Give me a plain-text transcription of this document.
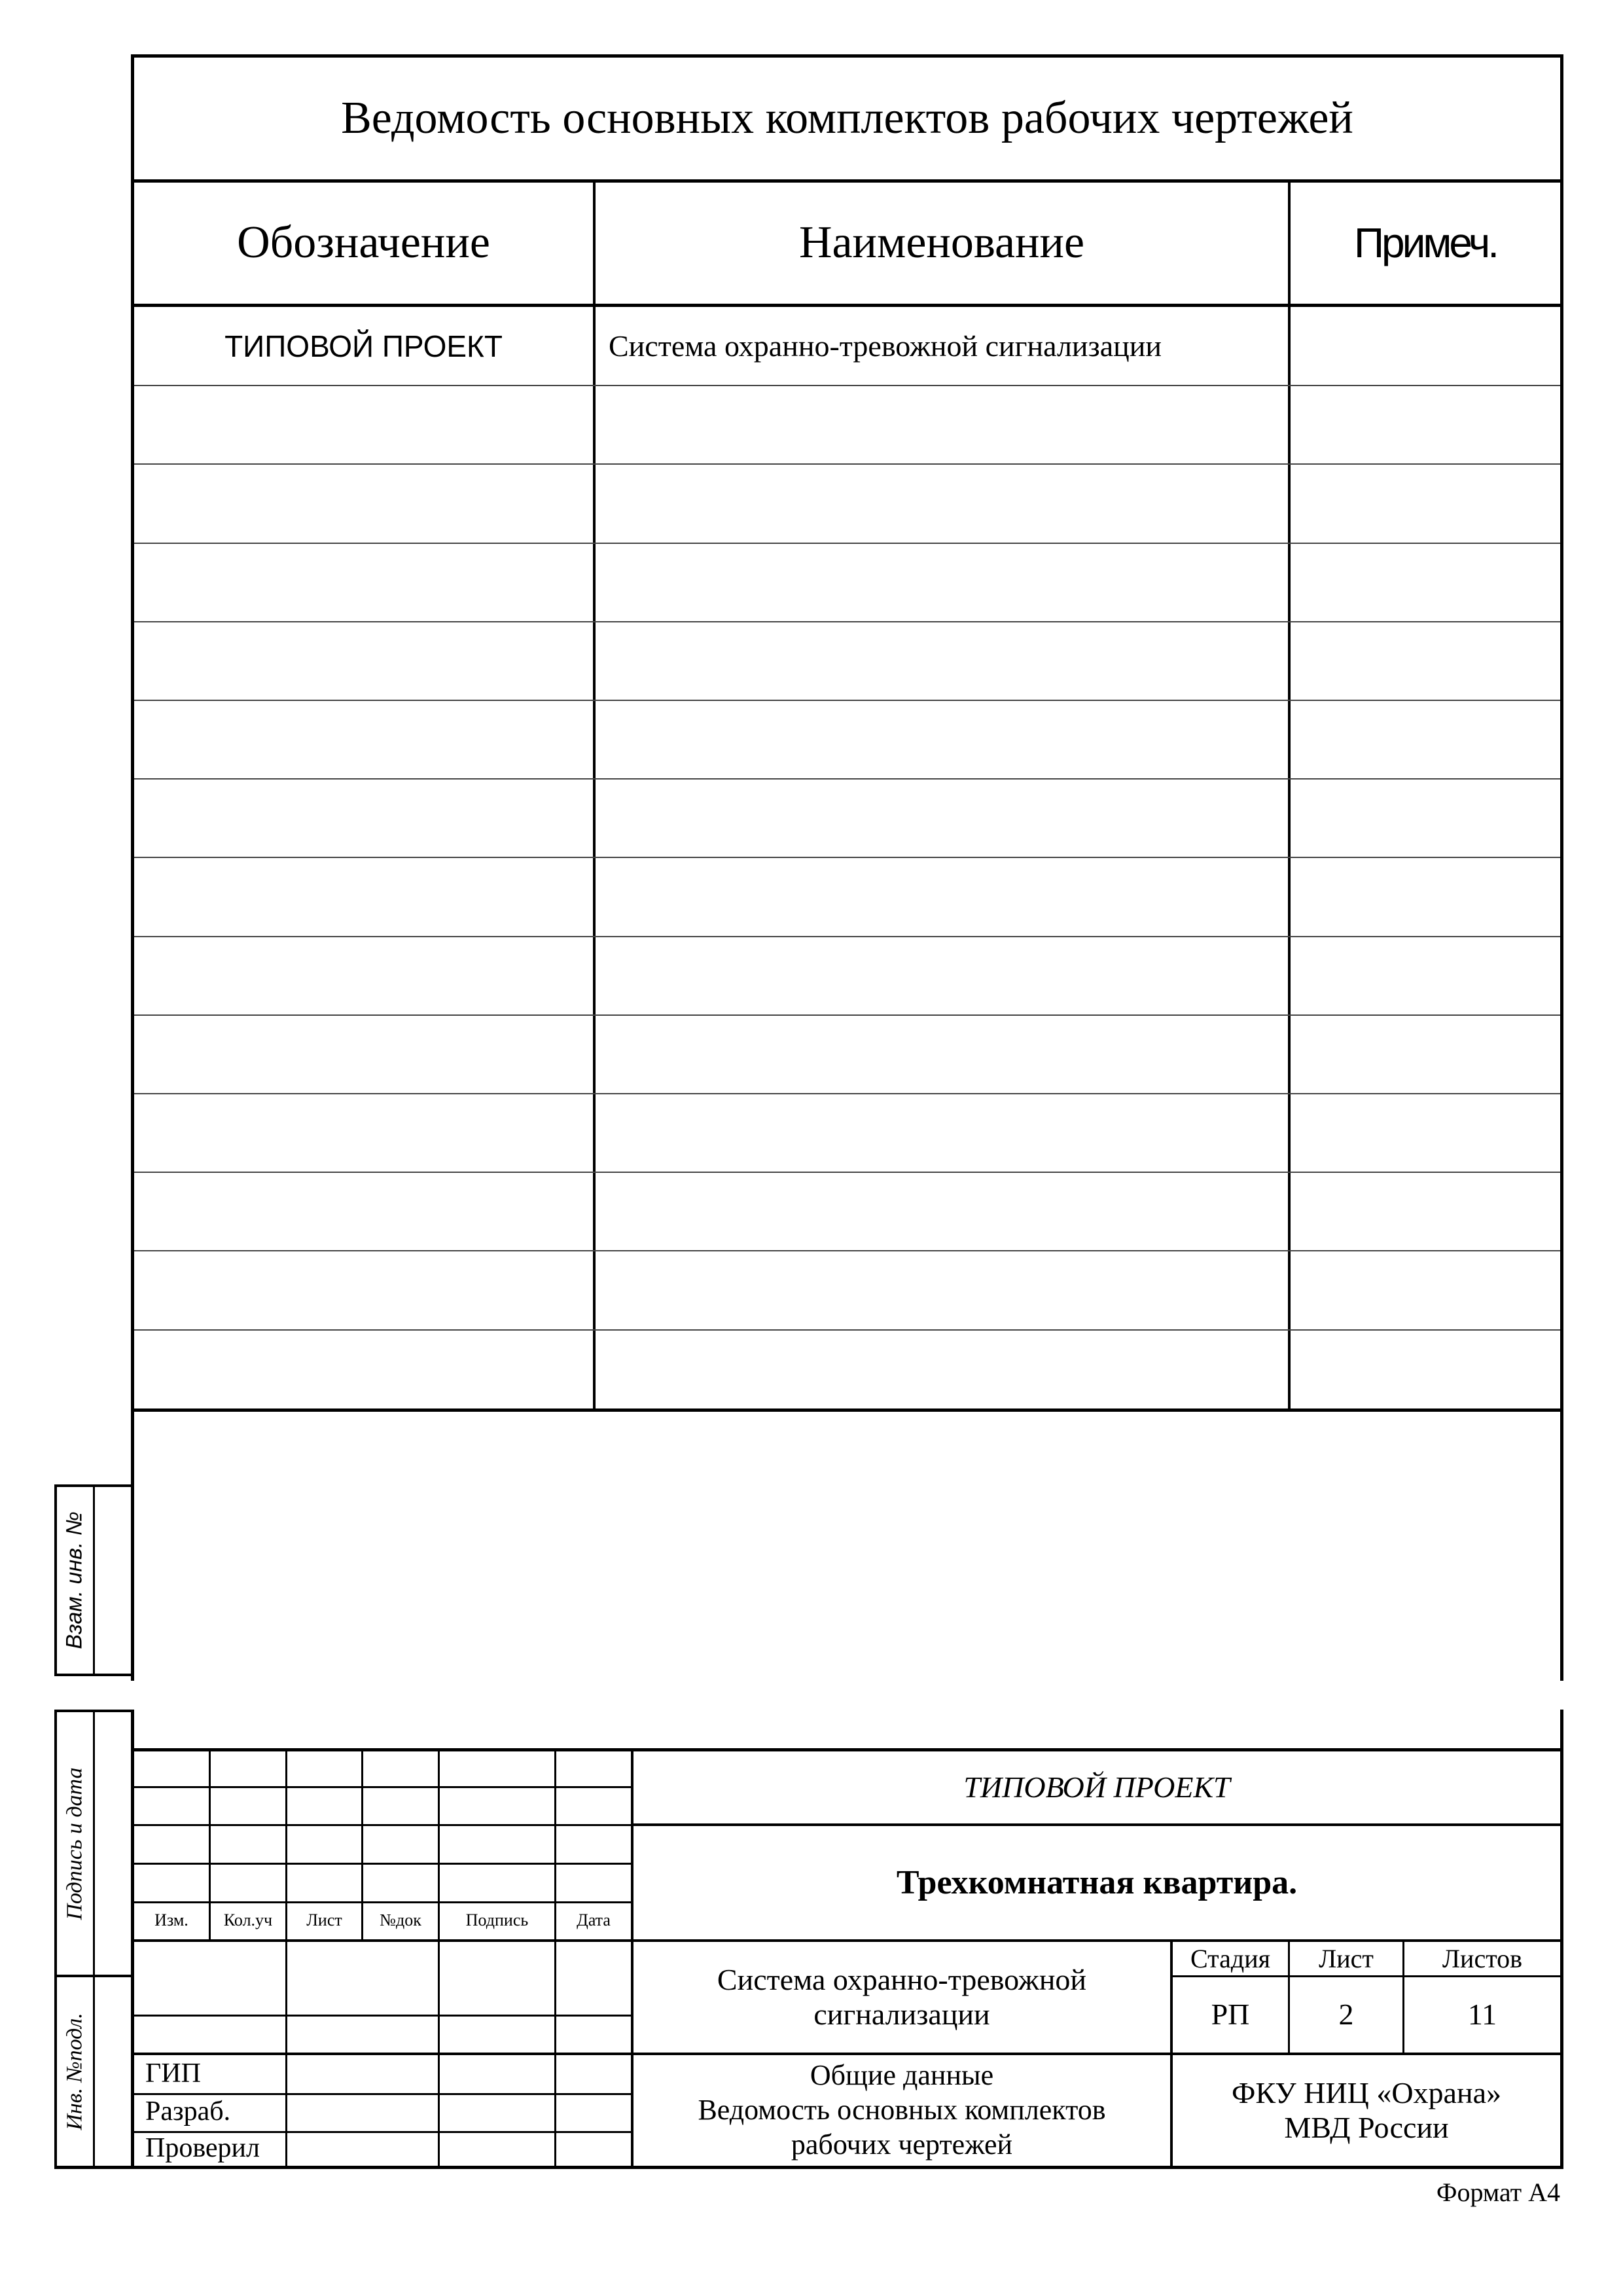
Ведомость основных комплектов рабочих чертежей
Обозначение	Наименование	Примеч.
ТИПОВОЙ ПРОЕКТ	Система охранно-тревожной сигнализации
Взам. инв. №
Подпись и дата
Инв. №подл.
Изм.	Кол.уч	Лист	№док	Подпись	Дата
ТИПОВОЙ ПРОЕКТ
Трехкомнатная квартира.
Система охранно-тревожной
сигнализации
Стадия	Лист	Листов
РП	2	11
Общие данные
Ведомость основных комплектов
рабочих чертежей
ФКУ НИЦ «Охрана»
МВД России
ГИП
Разраб.
Проверил
Формат А4
